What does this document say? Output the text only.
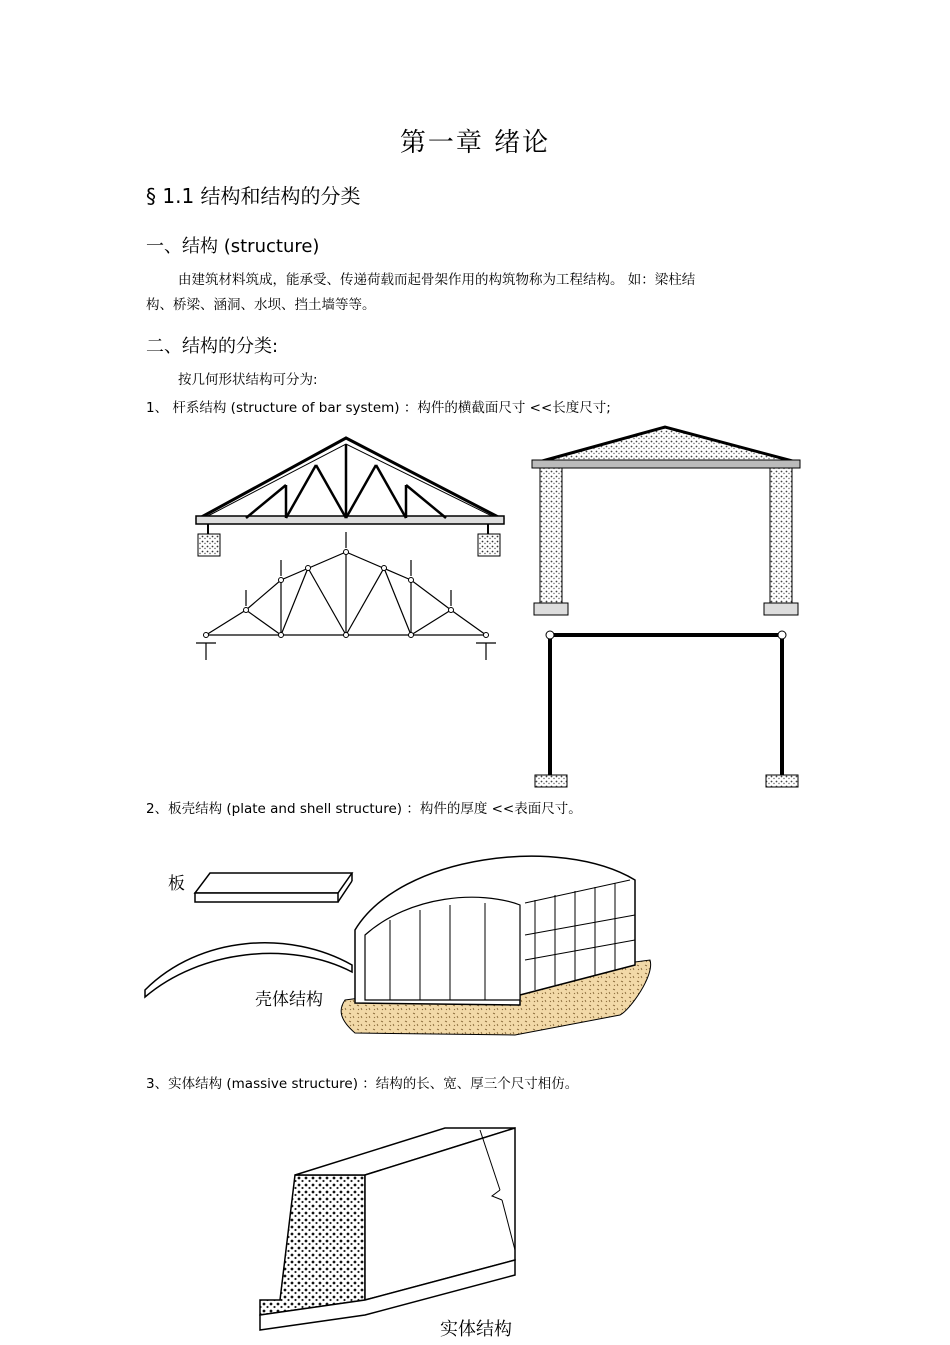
第一章 绪论
§ 1.1 结构和结构的分类
一、结构 (structure)
由建筑材料筑成，能承受、传递荷载而起骨架作用的构筑物称为工程结构。 如：梁柱结
构、桥梁、涵洞、水坝、挡土墙等等。
二、结构的分类:
按几何形状结构可分为:
1、 杆系结构 (structure of bar system) ：构件的横截面尺寸 <<长度尺寸;
2、板壳结构 (plate and shell structure) ：构件的厚度 <<表面尺寸。
板
壳体结构
3、实体结构 (massive structure) ：结构的长、宽、厚三个尺寸相仿。
实体结构
